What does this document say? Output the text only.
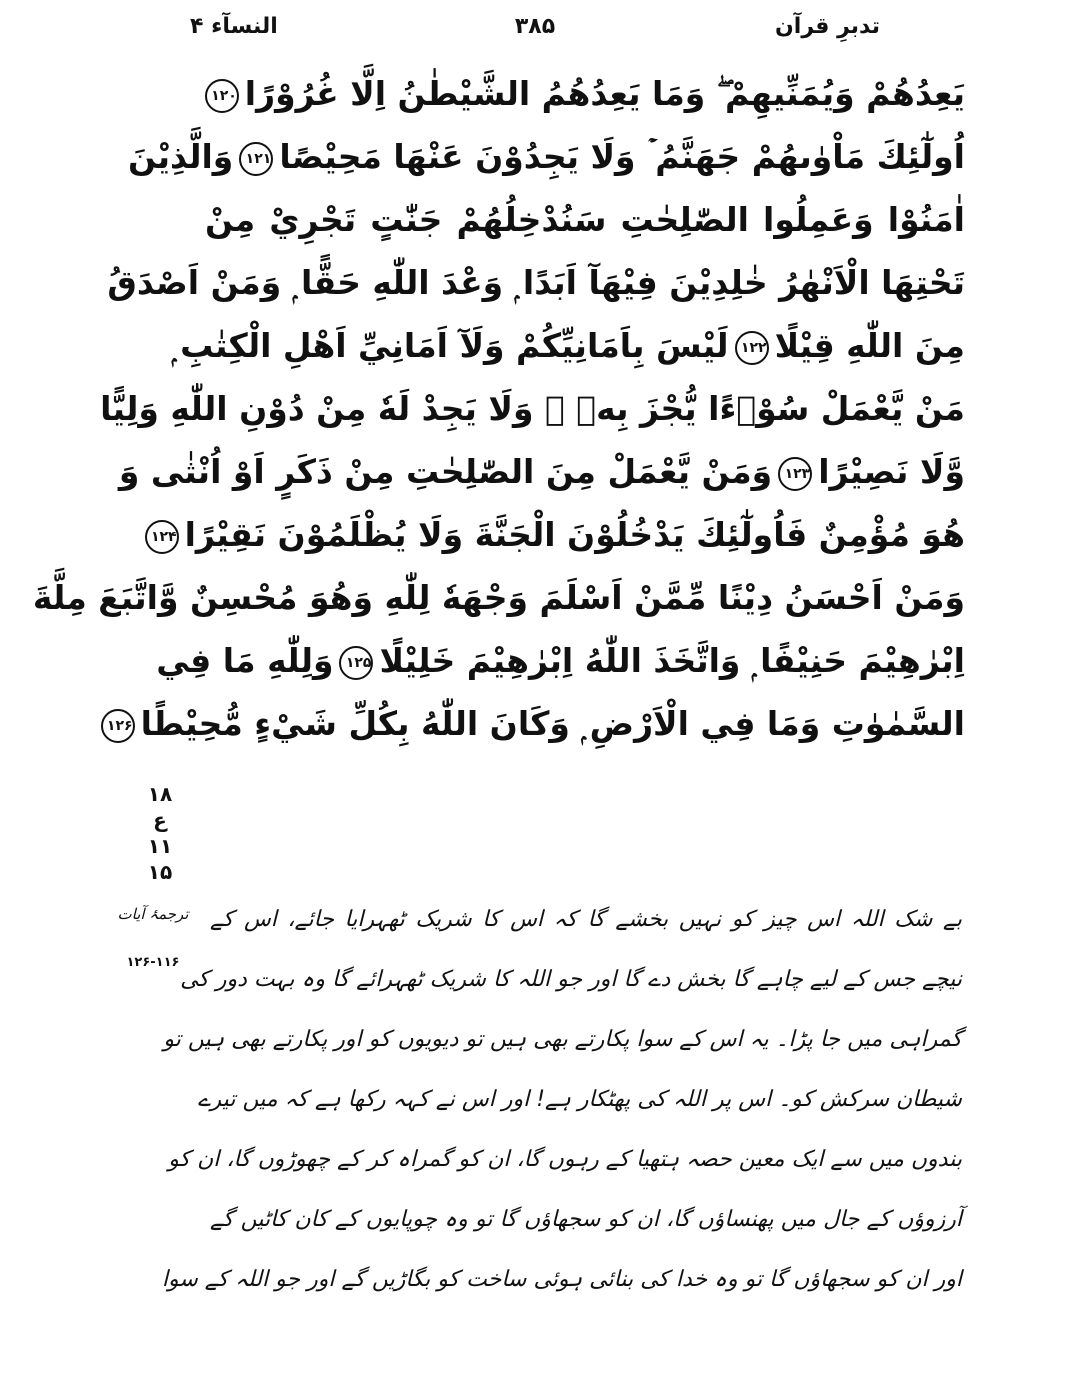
تدبرِ قرآن
۳۸۵
النسآء ۴
يَعِدُهُمْ وَيُمَنِّيهِمْ ۖ وَمَا يَعِدُهُمُ الشَّيْطٰنُ اِلَّا غُرُوْرًا۱۲۰
اُولٰٓئِكَ مَاْوٰىهُمْ جَهَنَّمُ ۡ وَلَا يَجِدُوْنَ عَنْهَا مَحِيْصًا۱۲۱وَالَّذِيْنَ
اٰمَنُوْا وَعَمِلُوا الصّٰلِحٰتِ سَنُدْخِلُهُمْ جَنّٰتٍ تَجْرِيْ مِنْ
تَحْتِهَا الْاَنْهٰرُ خٰلِدِيْنَ فِيْهَآ اَبَدًا ۭ وَعْدَ اللّٰهِ حَقًّا ۭ وَمَنْ اَصْدَقُ
مِنَ اللّٰهِ قِيْلًا۱۲۲لَيْسَ بِاَمَانِيِّكُمْ وَلَآ اَمَانِيِّ اَهْلِ الْكِتٰبِ ۭ
مَنْ يَّعْمَلْ سُوْۗءًا يُّجْزَ بِهٖ ۙ وَلَا يَجِدْ لَهٗ مِنْ دُوْنِ اللّٰهِ وَلِيًّا
وَّلَا نَصِيْرًا۱۲۳وَمَنْ يَّعْمَلْ مِنَ الصّٰلِحٰتِ مِنْ ذَكَرٍ اَوْ اُنْثٰى وَ
هُوَ مُؤْمِنٌ فَاُولٰٓئِكَ يَدْخُلُوْنَ الْجَنَّةَ وَلَا يُظْلَمُوْنَ نَقِيْرًا۱۲۴
وَمَنْ اَحْسَنُ دِيْنًا مِّمَّنْ اَسْلَمَ وَجْهَهٗ لِلّٰهِ وَهُوَ مُحْسِنٌ وَّاتَّبَعَ مِلَّةَ
اِبْرٰهِيْمَ حَنِيْفًا ۭ وَاتَّخَذَ اللّٰهُ اِبْرٰهِيْمَ خَلِيْلًا۱۲۵وَلِلّٰهِ مَا فِي
السَّمٰوٰتِ وَمَا فِي الْاَرْضِ ۭ وَكَانَ اللّٰهُ بِكُلِّ شَيْءٍ مُّحِيْطًا۱۲۶
۱۸
ع
۱۱
۱۵
ترجمۂ آیات
۱۲۶-۱۱۶
بے شک اللہ اس چیز کو نہیں بخشے گا کہ اس کا شریک ٹھہرایا جائے، اس کے
نیچے جس کے لیے چاہے گا بخش دے گا اور جو اللہ کا شریک ٹھہرائے گا وہ بہت دور کی
گمراہی میں جا پڑا۔ یہ اس کے سوا پکارتے بھی ہیں تو دیویوں کو اور پکارتے بھی ہیں تو
شیطان سرکش کو۔ اس پر اللہ کی پھٹکار ہے! اور اس نے کہہ رکھا ہے کہ میں تیرے
بندوں میں سے ایک معین حصہ ہتھیا کے رہوں گا، ان کو گمراہ کر کے چھوڑوں گا، ان کو
آرزوؤں کے جال میں پھنساؤں گا، ان کو سجھاؤں گا تو وہ چوپایوں کے کان کاٹیں گے
اور ان کو سجھاؤں گا تو وہ خدا کی بنائی ہوئی ساخت کو بگاڑیں گے اور جو اللہ کے سوا
